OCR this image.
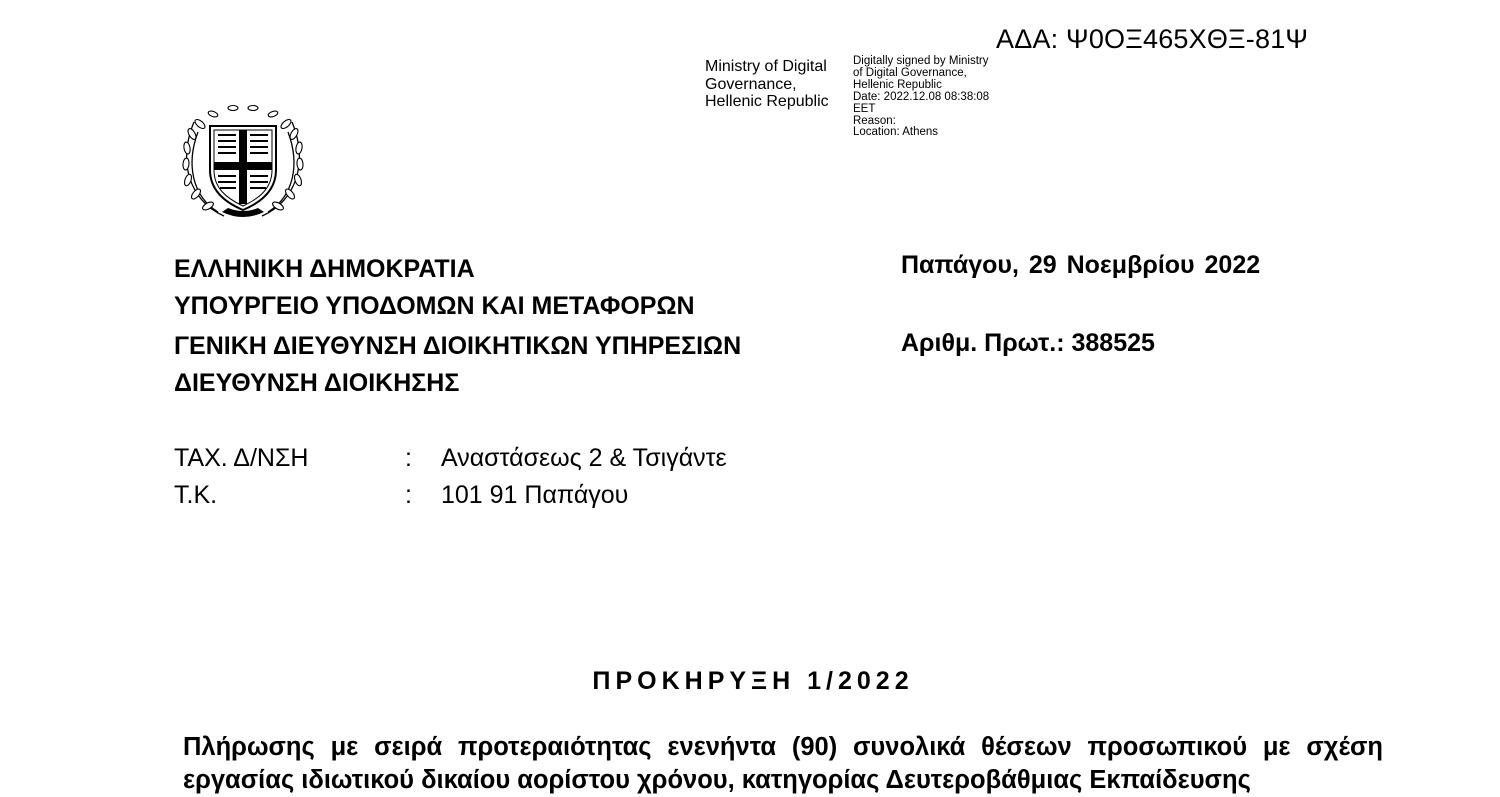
ΑΔΑ: Ψ0ΟΞ465ΧΘΞ-81Ψ
Ministry of Digital
Governance,
Hellenic Republic
Digitally signed by Ministry
of Digital Governance,
Hellenic Republic
Date: 2022.12.08 08:38:08
EET
Reason:
Location: Athens
ΕΛΛΗΝΙΚΗ ΔΗΜΟΚΡΑΤΙΑ
ΥΠΟΥΡΓΕΙΟ ΥΠΟΔΟΜΩΝ ΚΑΙ ΜΕΤΑΦΟΡΩΝ
ΓΕΝΙΚΗ ΔΙΕΥΘΥΝΣΗ ΔΙΟΙΚΗΤΙΚΩΝ ΥΠΗΡΕΣΙΩΝ
ΔΙΕΥΘΥΝΣΗ ΔΙΟΙΚΗΣΗΣ
Παπάγου, 29 Νοεμβρίου 2022
Αριθμ. Πρωτ.: 388525
ΤΑΧ. Δ/ΝΣΗ	: Αναστάσεως 2 & Τσιγάντε
Τ.Κ.	: 101 91 Παπάγου
ΠΡΟΚΗΡΥΞΗ 1/2022
Πλήρωσης με σειρά προτεραιότητας ενενήντα (90) συνολικά θέσεων προσωπικού με σχέση εργασίας ιδιωτικού δικαίου αορίστου χρόνου, κατηγορίας Δευτεροβάθμιας Εκπαίδευσης
